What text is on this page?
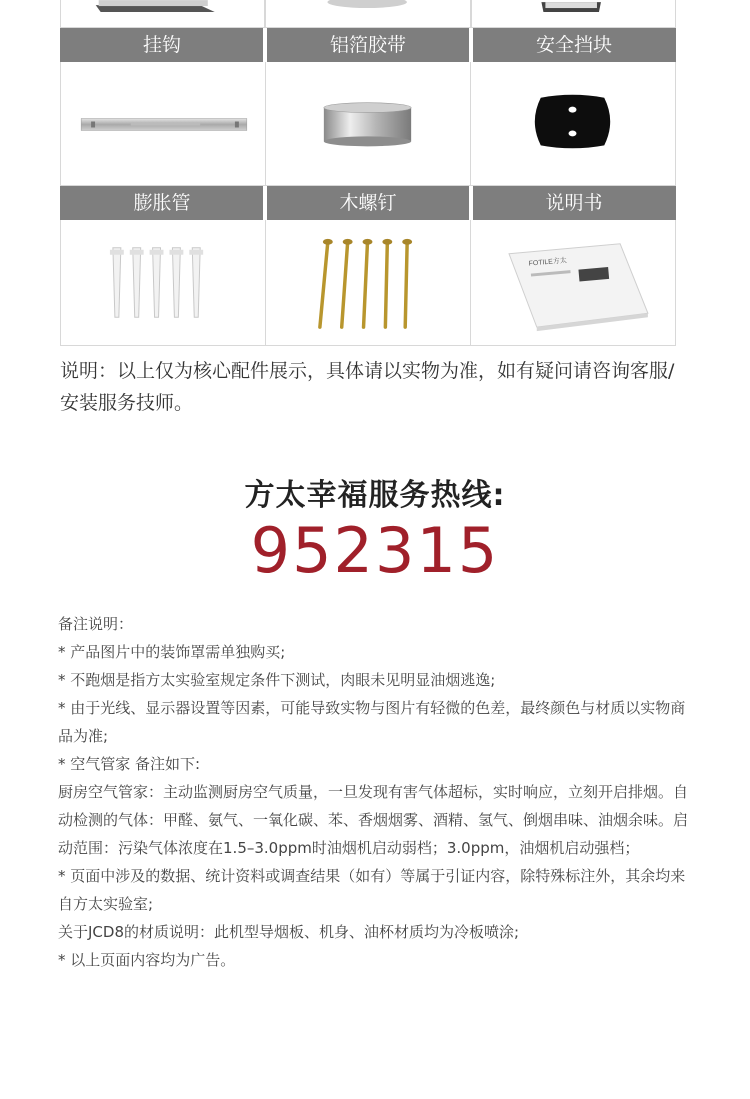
挂钩	铝箔胶带	安全挡块
膨胀管	木螺钉	说明书
FOTILE方太
说明：以上仅为核心配件展示，具体请以实物为准，如有疑问请咨询客服/安装服务技师。
方太幸福服务热线:
952315

备注说明：

* 产品图片中的装饰罩需单独购买;

* 不跑烟是指方太实验室规定条件下测试，肉眼未见明显油烟逃逸;

* 由于光线、显示器设置等因素，可能导致实物与图片有轻微的色差，最终颜色与材质以实物商品为准;

* 空气管家 备注如下:

厨房空气管家：主动监测厨房空气质量，一旦发现有害气体超标，实时响应，立刻开启排烟。自动检测的气体：甲醛、氨气、一氧化碳、苯、香烟烟雾、酒精、氢气、倒烟串味、油烟余味。启动范围：污染气体浓度在1.5–3.0ppm时油烟机启动弱档；3.0ppm，油烟机启动强档；

* 页面中涉及的数据、统计资料或调查结果（如有）等属于引证内容，除特殊标注外，其余均来自方太实验室;

关于JCD8的材质说明：此机型导烟板、机身、油杯材质均为冷板喷涂;

* 以上页面内容均为广告。
